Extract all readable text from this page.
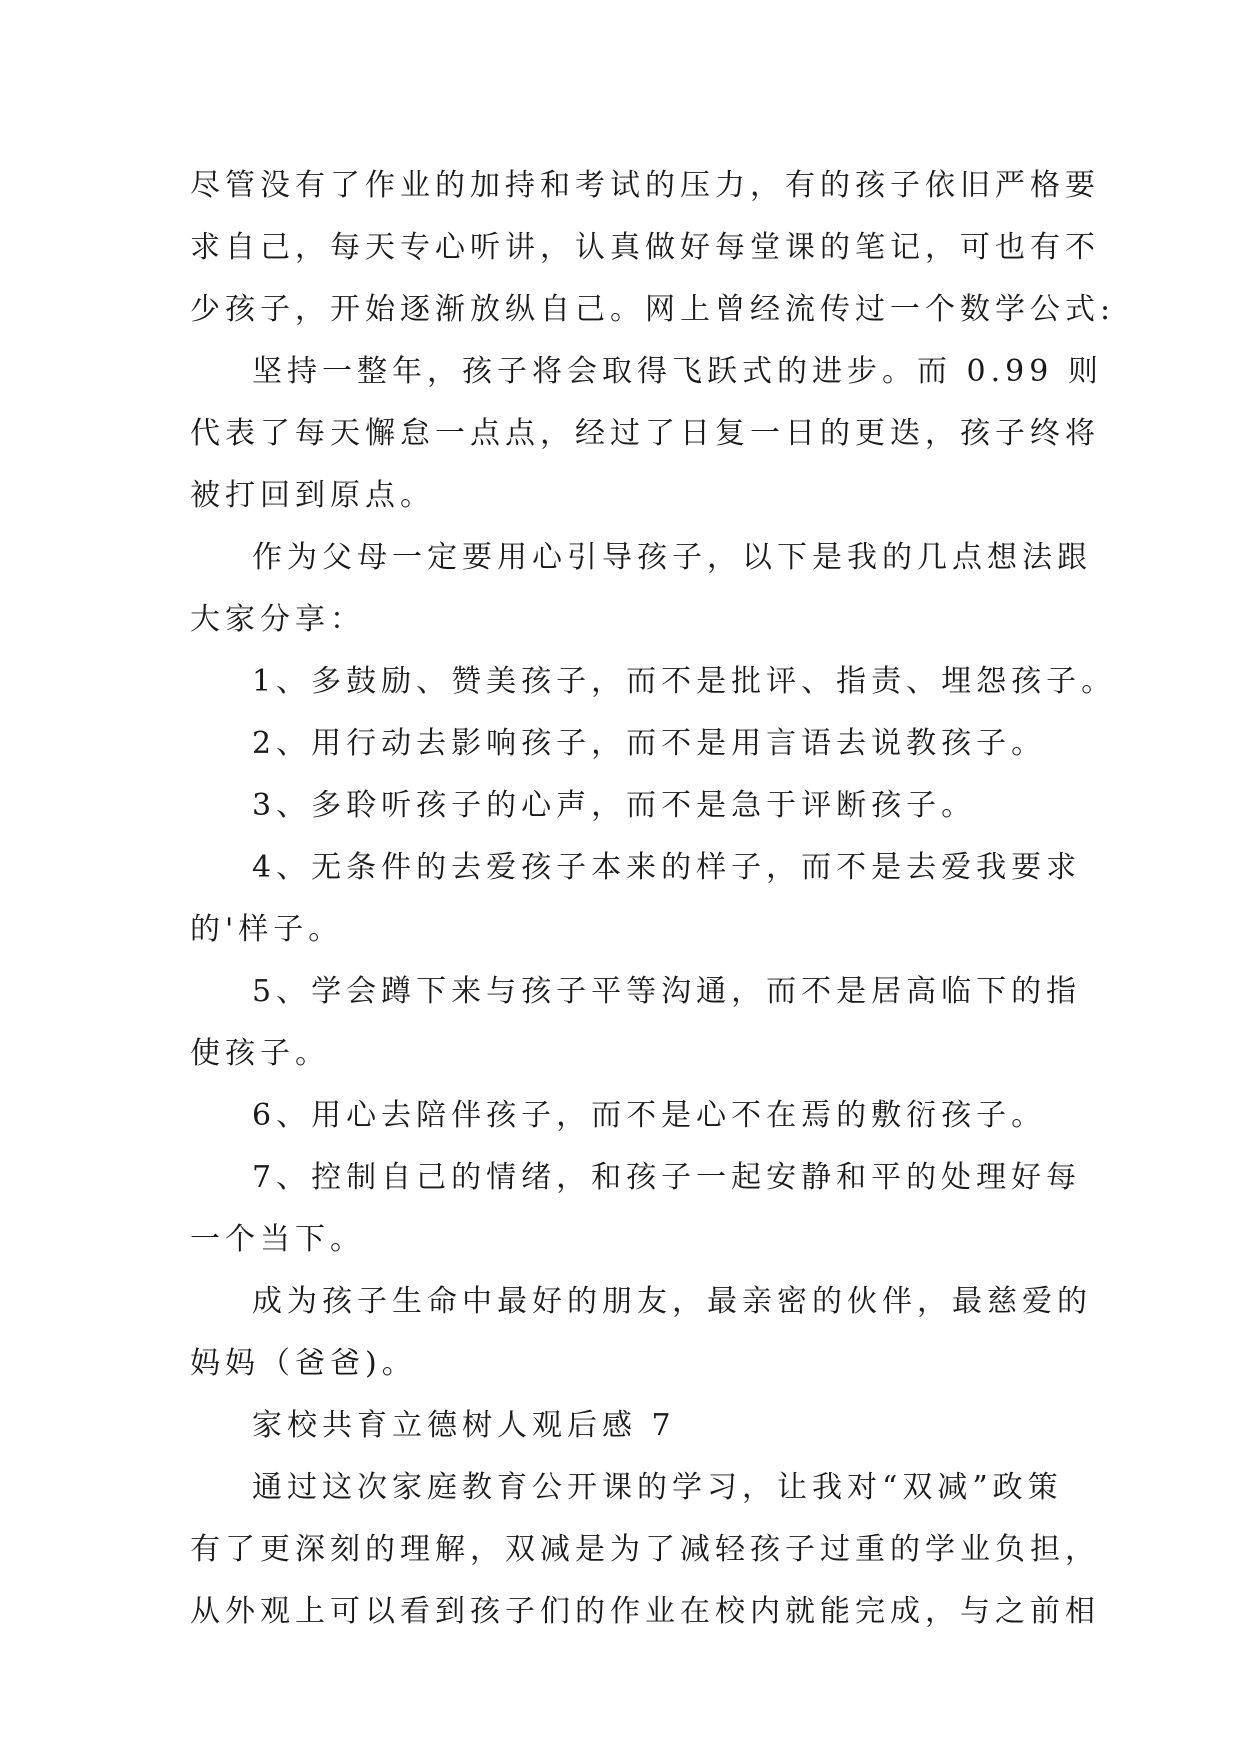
尽管没有了作业的加持和考试的压力，有的孩子依旧严格要
求自己，每天专心听讲，认真做好每堂课的笔记，可也有不
少孩子，开始逐渐放纵自己。网上曾经流传过一个数学公式:
坚持一整年，孩子将会取得飞跃式的进步。而 0.99 则
代表了每天懈怠一点点，经过了日复一日的更迭，孩子终将
被打回到原点。
作为父母一定要用心引导孩子，以下是我的几点想法跟
大家分享：
1、多鼓励、赞美孩子，而不是批评、指责、埋怨孩子。
2、用行动去影响孩子，而不是用言语去说教孩子。
3、多聆听孩子的心声，而不是急于评断孩子。
4、无条件的去爱孩子本来的样子，而不是去爱我要求
的'样子。
5、学会蹲下来与孩子平等沟通，而不是居高临下的指
使孩子。
6、用心去陪伴孩子，而不是心不在焉的敷衍孩子。
7、控制自己的情绪，和孩子一起安静和平的处理好每
一个当下。
成为孩子生命中最好的朋友，最亲密的伙伴，最慈爱的
妈妈（爸爸)。
家校共育立德树人观后感 7
通过这次家庭教育公开课的学习，让我对“双减”政策
有了更深刻的理解，双减是为了减轻孩子过重的学业负担，
从外观上可以看到孩子们的作业在校内就能完成，与之前相
